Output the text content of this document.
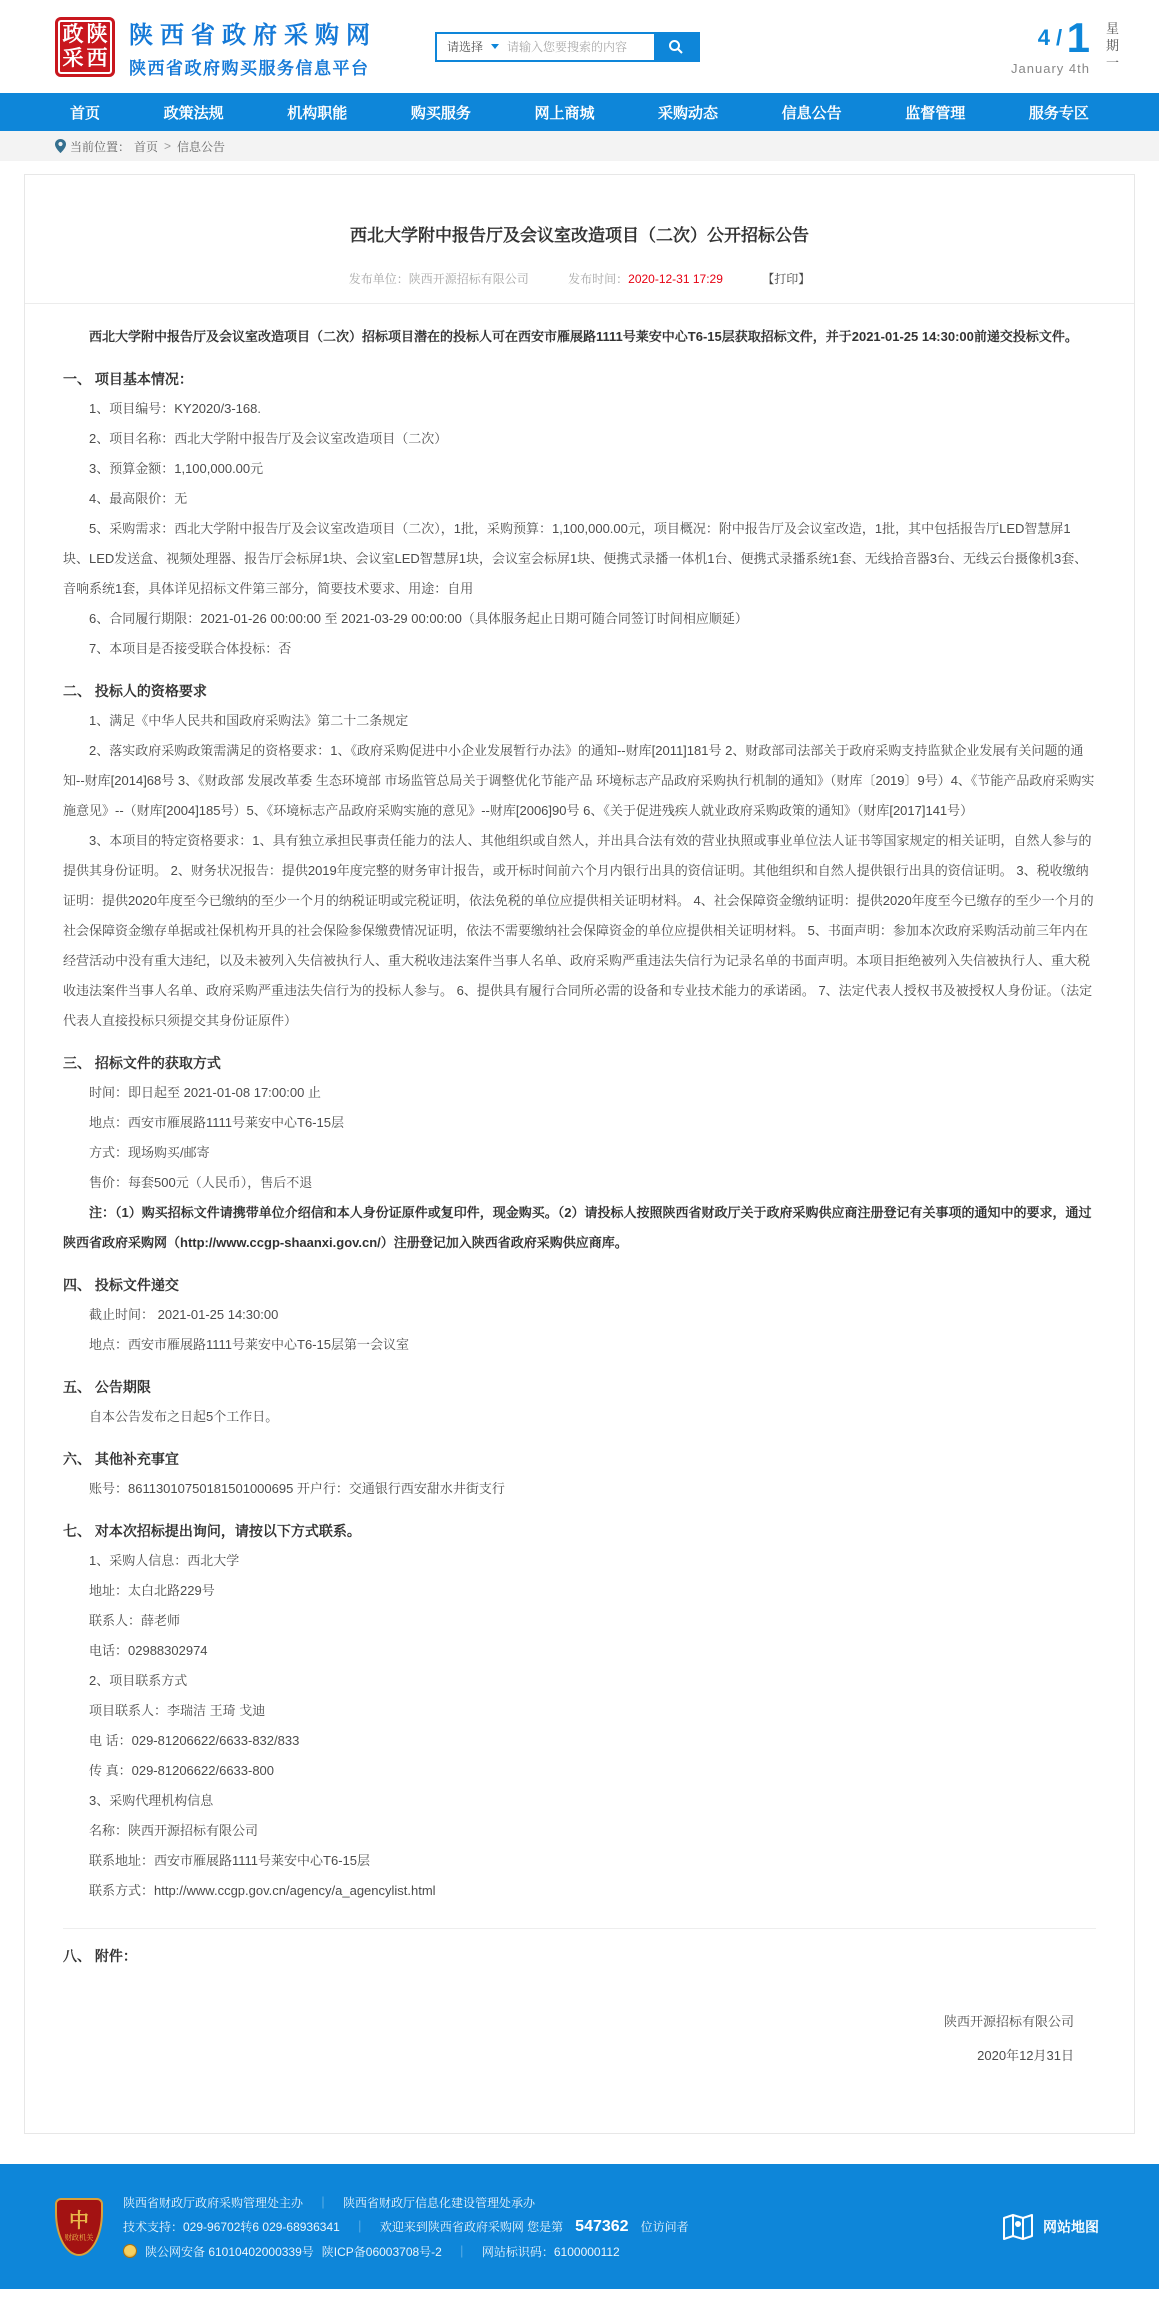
政 陕
采 西
陕西省政府采购网
陕西省政府购买服务信息平台
请选择
请输入您要搜索的内容	4 / 1
January 4th
星
期
一
首页	政策法规	机构职能	购买服务	网上商城	采购动态	信息公告	监督管理	服务专区
当前位置： 首页 > 信息公告
西北大学附中报告厅及会议室改造项目（二次）公开招标公告
发布单位：陕西开源招标有限公司	发布时间：2020-12-31 17:29	【打印】

西北大学附中报告厅及会议室改造项目（二次）招标项目潜在的投标人可在西安市雁展路1111号莱安中心T6-15层获取招标文件，并于2021-01-25 14:30:00前递交投标文件。

一、 项目基本情况：

1、项目编号：KY2020/3-168.

2、项目名称：西北大学附中报告厅及会议室改造项目（二次）

3、预算金额：1,100,000.00元

4、最高限价：无

5、采购需求：西北大学附中报告厅及会议室改造项目（二次），1批，采购预算：1,100,000.00元，项目概况：附中报告厅及会议室改造，1批，其中包括报告厅LED智慧屏1块、LED发送盒、视频处理器、报告厅会标屏1块、会议室LED智慧屏1块，会议室会标屏1块、便携式录播一体机1台、便携式录播系统1套、无线拾音器3台、无线云台摄像机3套、音响系统1套，具体详见招标文件第三部分，简要技术要求、用途：自用

6、合同履行期限：2021-01-26 00:00:00 至 2021-03-29 00:00:00（具体服务起止日期可随合同签订时间相应顺延）

7、本项目是否接受联合体投标：否

二、 投标人的资格要求

1、满足《中华人民共和国政府采购法》第二十二条规定

2、落实政府采购政策需满足的资格要求：1、《政府采购促进中小企业发展暂行办法》的通知--财库[2011]181号 2、财政部司法部关于政府采购支持监狱企业发展有关问题的通知--财库[2014]68号 3、《财政部 发展改革委 生态环境部 市场监管总局关于调整优化节能产品 环境标志产品政府采购执行机制的通知》（财库〔2019〕9号）4、《节能产品政府采购实施意见》--（财库[2004]185号）5、《环境标志产品政府采购实施的意见》--财库[2006]90号 6、《关于促进残疾人就业政府采购政策的通知》（财库[2017]141号）

3、本项目的特定资格要求：1、具有独立承担民事责任能力的法人、其他组织或自然人，并出具合法有效的营业执照或事业单位法人证书等国家规定的相关证明，自然人参与的提供其身份证明。 2、财务状况报告：提供2019年度完整的财务审计报告，或开标时间前六个月内银行出具的资信证明。其他组织和自然人提供银行出具的资信证明。 3、税收缴纳证明：提供2020年度至今已缴纳的至少一个月的纳税证明或完税证明，依法免税的单位应提供相关证明材料。 4、社会保障资金缴纳证明：提供2020年度至今已缴存的至少一个月的社会保障资金缴存单据或社保机构开具的社会保险参保缴费情况证明，依法不需要缴纳社会保障资金的单位应提供相关证明材料。 5、书面声明：参加本次政府采购活动前三年内在经营活动中没有重大违纪，以及未被列入失信被执行人、重大税收违法案件当事人名单、政府采购严重违法失信行为记录名单的书面声明。本项目拒绝被列入失信被执行人、重大税收违法案件当事人名单、政府采购严重违法失信行为的投标人参与。 6、提供具有履行合同所必需的设备和专业技术能力的承诺函。 7、法定代表人授权书及被授权人身份证。（法定代表人直接投标只须提交其身份证原件）

三、 招标文件的获取方式

时间：即日起至 2021-01-08 17:00:00 止

地点：西安市雁展路1111号莱安中心T6-15层

方式：现场购买/邮寄

售价：每套500元（人民币），售后不退

注：（1）购买招标文件请携带单位介绍信和本人身份证原件或复印件，现金购买。（2）请投标人按照陕西省财政厅关于政府采购供应商注册登记有关事项的通知中的要求，通过陕西省政府采购网（http://www.ccgp-shaanxi.gov.cn/）注册登记加入陕西省政府采购供应商库。

四、 投标文件递交

截止时间： 2021-01-25 14:30:00

地点：西安市雁展路1111号莱安中心T6-15层第一会议室

五、 公告期限

自本公告发布之日起5个工作日。

六、 其他补充事宜

账号：86113010750181501000695 开户行：交通银行西安甜水井街支行

七、 对本次招标提出询问，请按以下方式联系。

1、采购人信息：西北大学

地址：太白北路229号

联系人：薛老师

电话：02988302974

2、项目联系方式

项目联系人：李瑞洁 王琦 戈迪

电 话：029-81206622/6633-832/833

传 真：029-81206622/6633-800

3、采购代理机构信息

名称：陕西开源招标有限公司

联系地址：西安市雁展路1111号莱安中心T6-15层

联系方式：http://www.ccgp.gov.cn/agency/a_agencylist.html

八、 附件：

陕西开源招标有限公司
2020年12月31日
中
财政机关
陕西省财政厅政府采购管理处主办 ｜ 陕西省财政厅信息化建设管理处承办
技术支持：029-96702转6 029-68936341 ｜ 欢迎来到陕西省政府采购网 您是第 547362 位访问者
陕公网安备 61010402000339号 陕ICP备06003708号-2 ｜ 网站标识码：6100000112
网站地图
